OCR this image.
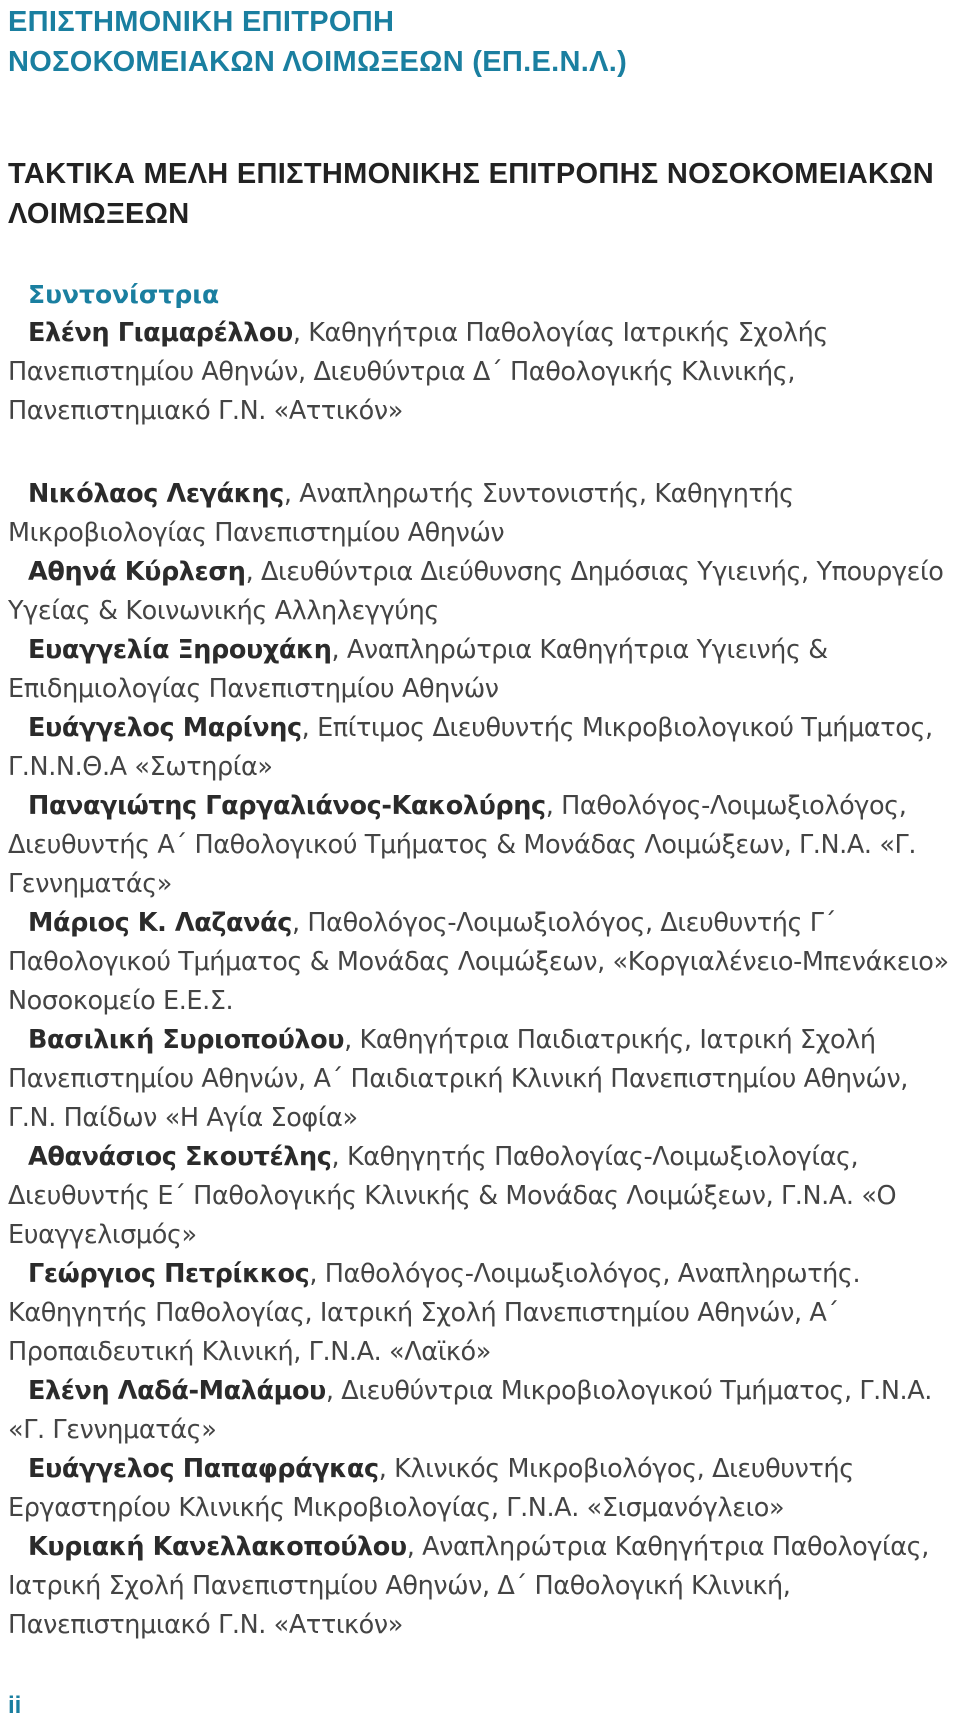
ΕΠΙΣΤΗΜΟΝΙΚΗ ΕΠΙΤΡΟΠΗ
ΝΟΣΟΚΟΜΕΙΑΚΩΝ ΛΟΙΜΩΞΕΩΝ (ΕΠ.Ε.Ν.Λ.)
ΤΑΚΤΙΚΑ ΜΕΛΗ ΕΠΙΣΤΗΜΟΝΙΚΗΣ ΕΠΙΤΡΟΠΗΣ ΝΟΣΟΚΟΜΕΙΑΚΩΝ
ΛΟΙΜΩΞΕΩΝ
Συντονίστρια

Ελένη Γιαμαρέλλου, Καθηγήτρια Παθολογίας Ιατρικής Σχολής Πανεπιστημίου Αθηνών, Διευθύντρια Δ΄ Παθολογικής Κλινικής, Πανεπιστημιακό Γ.Ν. «Αττικόν»

Νικόλαος Λεγάκης, Αναπληρωτής Συντονιστής, Καθηγητής Μικροβιολογίας Πανεπιστημίου Αθηνών

Αθηνά Κύρλεση, Διευθύντρια Διεύθυνσης Δημόσιας Υγιεινής, Υπουργείο Υγείας & Κοινωνικής Αλληλεγγύης

Ευαγγελία Ξηρουχάκη, Αναπληρώτρια Καθηγήτρια Υγιεινής & Επιδημιολογίας Πανεπιστημίου Αθηνών

Ευάγγελος Μαρίνης, Επίτιμος Διευθυντής Μικροβιολογικού Τμήματος, Γ.Ν.Ν.Θ.Α «Σωτηρία»

Παναγιώτης Γαργαλιάνος-Κακολύρης, Παθολόγος-Λοιμωξιολόγος, Διευθυντής Α΄ Παθολογικού Τμήματος & Μονάδας Λοιμώξεων, Γ.Ν.Α. «Γ. Γεννηματάς»

Μάριος Κ. Λαζανάς, Παθολόγος-Λοιμωξιολόγος, Διευθυντής Γ΄ Παθολογικού Τμήματος & Μονάδας Λοιμώξεων, «Κοργιαλένειο-Μπενάκειο» Νοσοκομείο Ε.Ε.Σ.

Βασιλική Συριοπούλου, Καθηγήτρια Παιδιατρικής, Ιατρική Σχολή Πανεπιστημίου Αθηνών, Α΄ Παιδιατρική Κλινική Πανεπιστημίου Αθηνών, Γ.Ν. Παίδων «Η Αγία Σοφία»

Αθανάσιος Σκουτέλης, Καθηγητής Παθολογίας-Λοιμωξιολογίας, Διευθυντής Ε΄ Παθολογικής Κλινικής & Μονάδας Λοιμώξεων, Γ.Ν.Α. «Ο Ευαγγελισμός»

Γεώργιος Πετρίκκος, Παθολόγος-Λοιμωξιολόγος, Αναπληρωτής. Καθηγητής Παθολογίας, Ιατρική Σχολή Πανεπιστημίου Αθηνών, Α΄ Προπαιδευτική Κλινική, Γ.Ν.Α. «Λαϊκό»

Ελένη Λαδά-Μαλάμου, Διευθύντρια Μικροβιολογικού Τμήματος, Γ.Ν.Α. «Γ. Γεννηματάς»

Ευάγγελος Παπαφράγκας, Κλινικός Μικροβιολόγος, Διευθυντής Εργαστηρίου Κλινικής Μικροβιολογίας, Γ.Ν.Α. «Σισμανόγλειο»

Κυριακή Κανελλακοπούλου, Αναπληρώτρια Καθηγήτρια Παθολογίας, Ιατρική Σχολή Πανεπιστημίου Αθηνών, Δ΄ Παθολογική Κλινική, Πανεπιστημιακό Γ.Ν. «Αττικόν»

ii
